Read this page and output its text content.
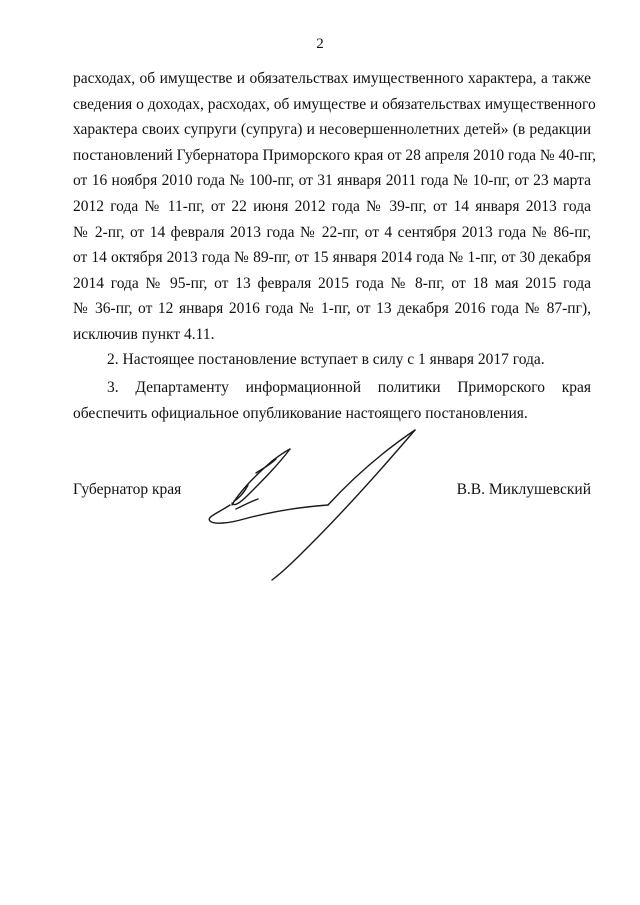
2
расходах, об имуществе и обязательствах имущественного характера, а также
сведения о доходах, расходах, об имуществе и обязательствах имущественного
характера своих супруги (супруга) и несовершеннолетних детей» (в редакции
постановлений Губернатора Приморского края от 28 апреля 2010 года № 40-пг,
от 16 ноября 2010 года № 100-пг, от 31 января 2011 года № 10-пг, от 23 марта
2012 года № 11-пг, от 22 июня 2012 года № 39-пг, от 14 января 2013 года
№ 2-пг, от 14 февраля 2013 года № 22-пг, от 4 сентября 2013 года № 86-пг,
от 14 октября 2013 года № 89-пг, от 15 января 2014 года № 1-пг, от 30 декабря
2014 года № 95-пг, от 13 февраля 2015 года № 8-пг, от 18 мая 2015 года
№ 36-пг, от 12 января 2016 года № 1-пг, от 13 декабря 2016 года № 87-пг),
исключив пункт 4.11.
2. Настоящее постановление вступает в силу с 1 января 2017 года.
3. Департаменту информационной политики Приморского края
обеспечить официальное опубликование настоящего постановления.
Губернатор края	В.В. Миклушевский
